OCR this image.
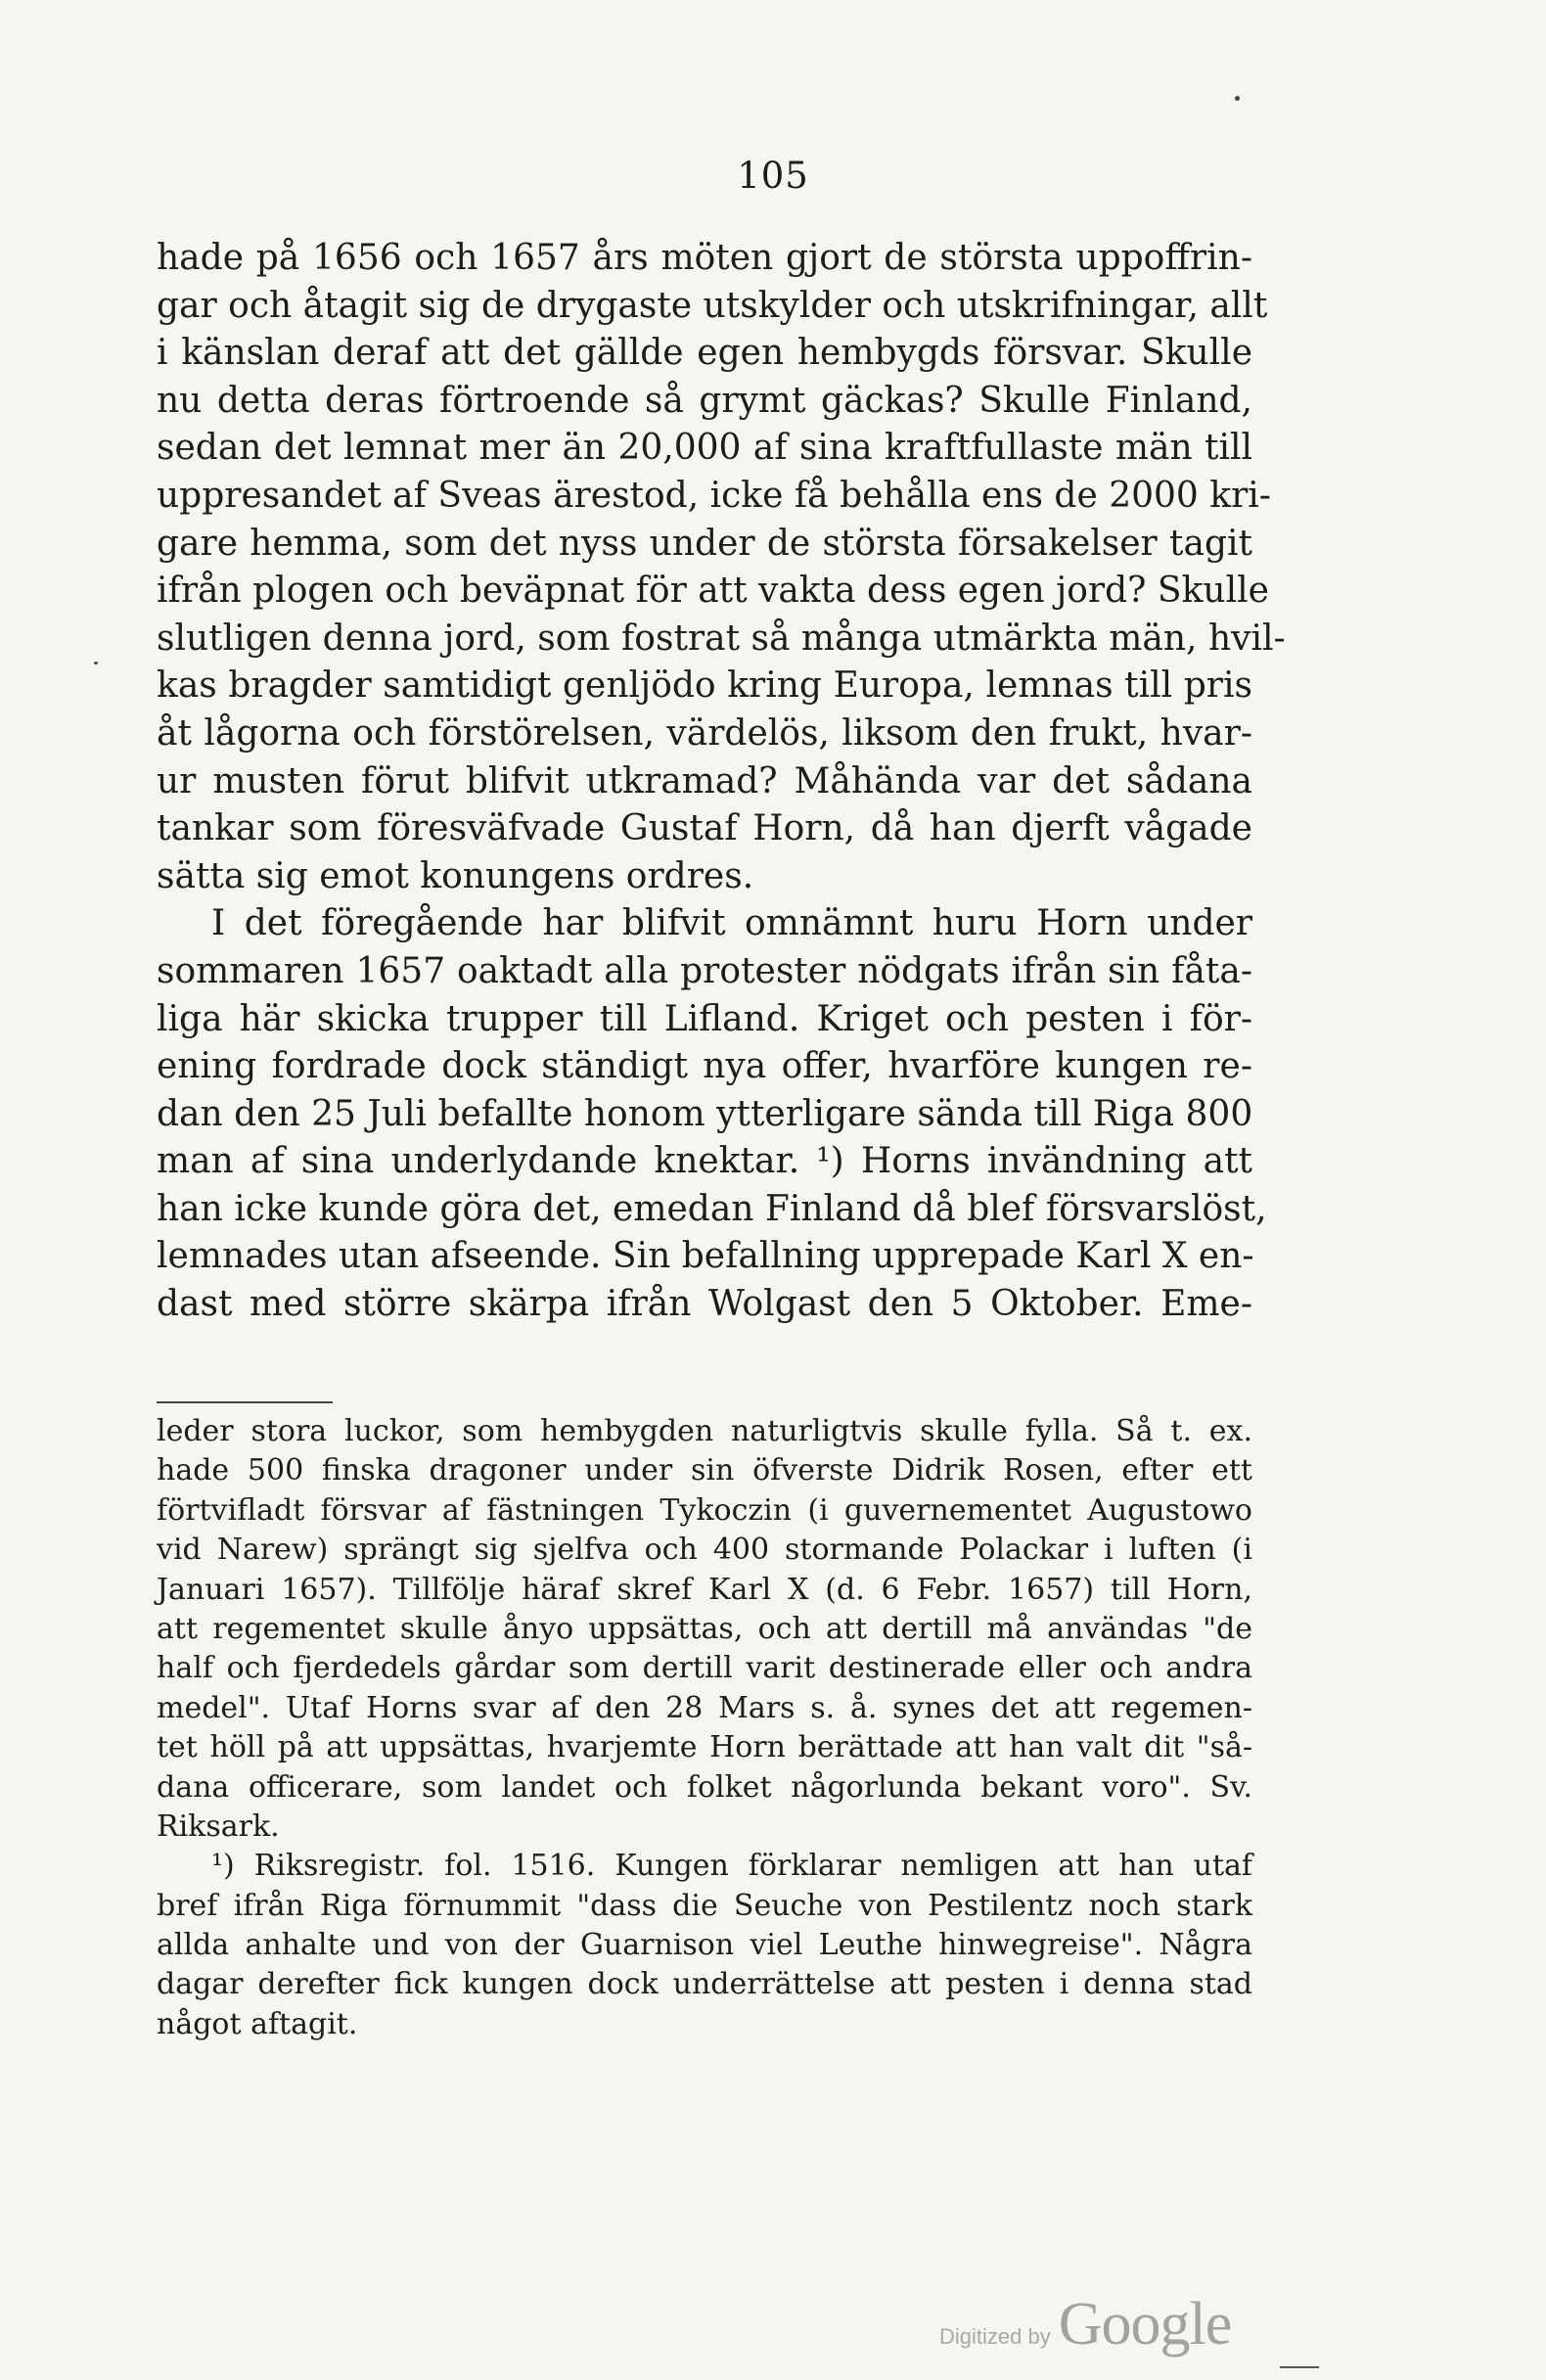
105
hade på 1656 och 1657 års möten gjort de största uppoffrin-
gar och åtagit sig de drygaste utskylder och utskrifningar, allt
i känslan deraf att det gällde egen hembygds försvar. Skulle
nu detta deras förtroende så grymt gäckas? Skulle Finland,
sedan det lemnat mer än 20,000 af sina kraftfullaste män till
uppresandet af Sveas ärestod, icke få behålla ens de 2000 kri-
gare hemma, som det nyss under de största försakelser tagit
ifrån plogen och beväpnat för att vakta dess egen jord? Skulle
slutligen denna jord, som fostrat så många utmärkta män, hvil-
kas bragder samtidigt genljödo kring Europa, lemnas till pris
åt lågorna och förstörelsen, värdelös, liksom den frukt, hvar-
ur musten förut blifvit utkramad? Måhända var det sådana
tankar som föresväfvade Gustaf Horn, då han djerft vågade
sätta sig emot konungens ordres.
I det föregående har blifvit omnämnt huru Horn under
sommaren 1657 oaktadt alla protester nödgats ifrån sin fåta-
liga här skicka trupper till Lifland. Kriget och pesten i för-
ening fordrade dock ständigt nya offer, hvarföre kungen re-
dan den 25 Juli befallte honom ytterligare sända till Riga 800
man af sina underlydande knektar. ¹) Horns invändning att
han icke kunde göra det, emedan Finland då blef försvarslöst,
lemnades utan afseende. Sin befallning upprepade Karl X en-
dast med större skärpa ifrån Wolgast den 5 Oktober. Eme-
leder stora luckor, som hembygden naturligtvis skulle fylla. Så t. ex.
hade 500 finska dragoner under sin öfverste Didrik Rosen, efter ett
förtvifladt försvar af fästningen Tykoczin (i guvernementet Augustowo
vid Narew) sprängt sig sjelfva och 400 stormande Polackar i luften (i
Januari 1657). Tillfölje häraf skref Karl X (d. 6 Febr. 1657) till Horn,
att regementet skulle ånyo uppsättas, och att dertill må användas "de
half och fjerdedels gårdar som dertill varit destinerade eller och andra
medel". Utaf Horns svar af den 28 Mars s. å. synes det att regemen-
tet höll på att uppsättas, hvarjemte Horn berättade att han valt dit "så-
dana officerare, som landet och folket någorlunda bekant voro". Sv.
Riksark.
¹) Riksregistr. fol. 1516. Kungen förklarar nemligen att han utaf
bref ifrån Riga förnummit "dass die Seuche von Pestilentz noch stark
allda anhalte und von der Guarnison viel Leuthe hinwegreise". Några
dagar derefter fick kungen dock underrättelse att pesten i denna stad
något aftagit.
Digitized by Google
